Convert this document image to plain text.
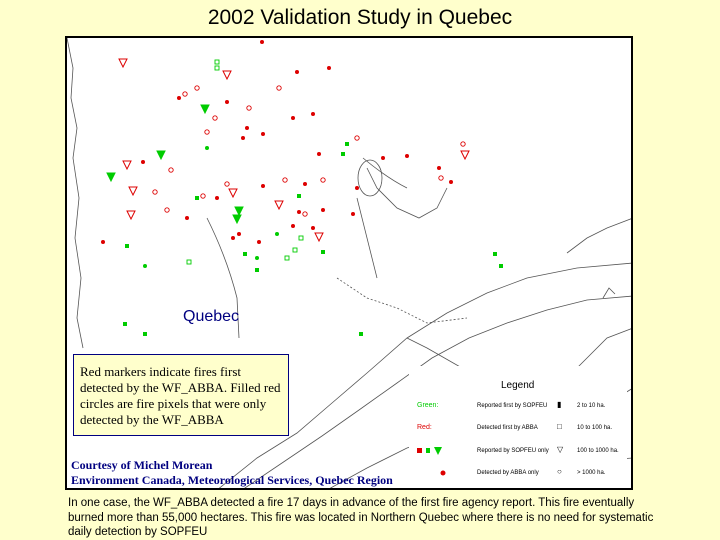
2002 Validation Study in Quebec
Quebec
Red markers indicate fires first detected by the WF_ABBA. Filled red circles are fire pixels that were only detected by the WF_ABBA
Courtesy of Michel Morean
Environment Canada, Meteorological Services, Quebec Region
Legend
Green:	Reported first by SOPFEU ▮	2 to 10 ha.
Red:	Detected first by ABBA □	10 to 100 ha.
Reported by SOPFEU only ▽ 100 to 1000 ha.
Detected by ABBA only ○	> 1000 ha.
In one case, the WF_ABBA detected a fire 17 days in advance of the first fire agency report. This fire eventually burned more than 55,000 hectares. This fire was located in Northern Quebec where there is no need for systematic daily detection by SOPFEU
